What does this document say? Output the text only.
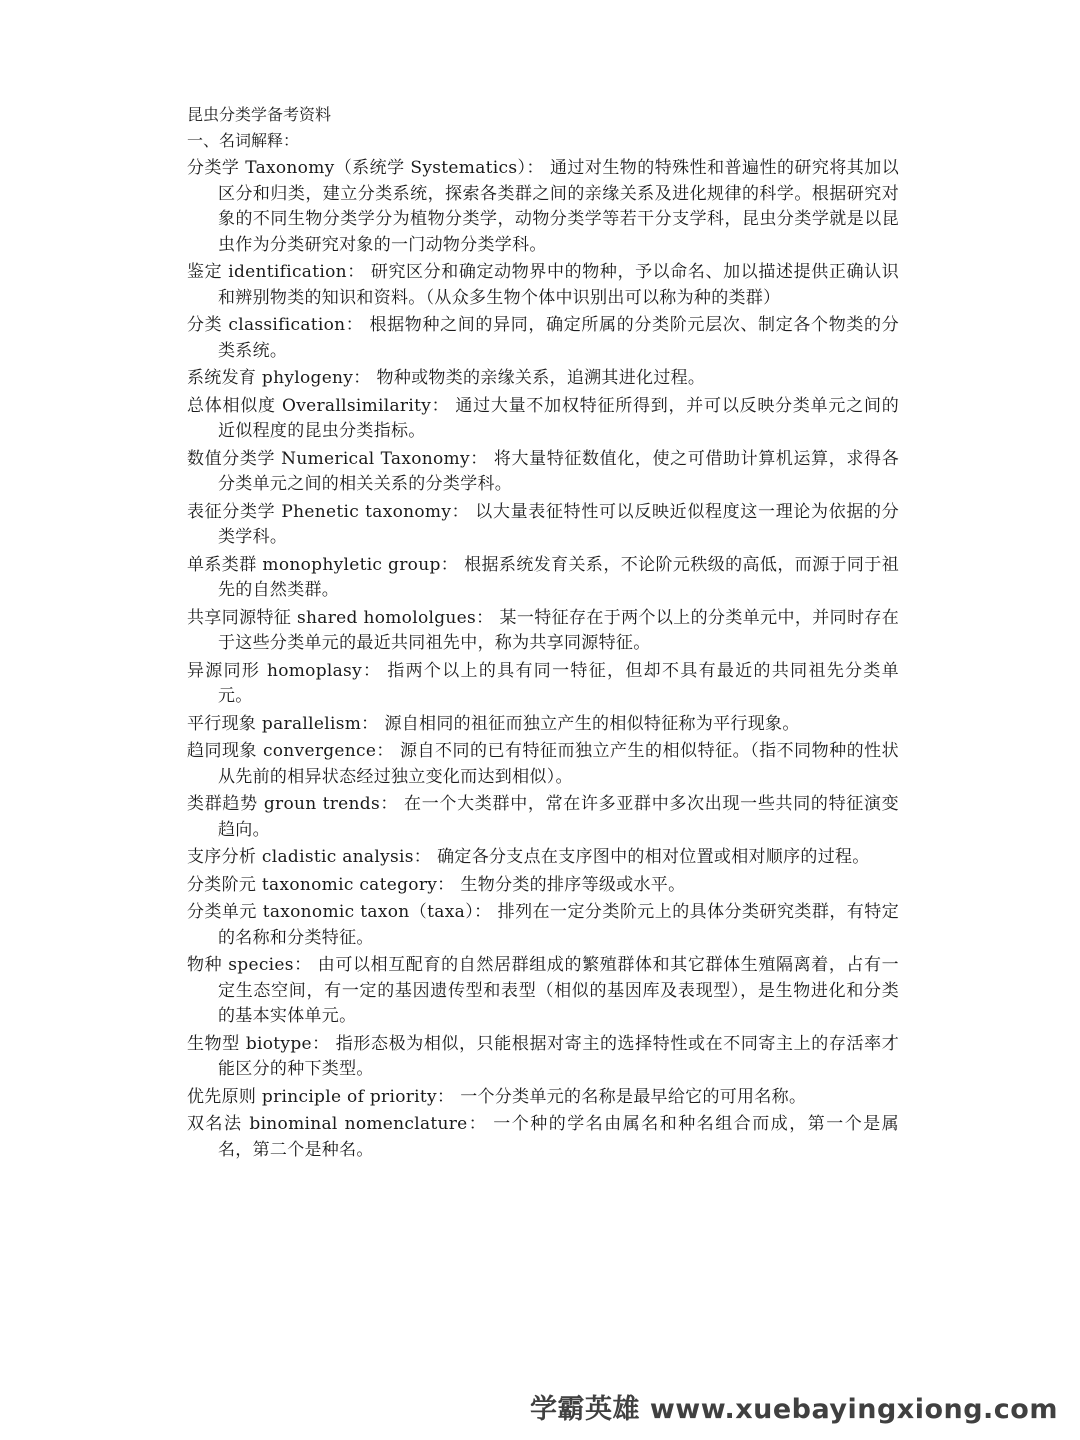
昆虫分类学备考资料
一、名词解释：

分类学 Taxonomy（系统学 Systematics）： 通过对生物的特殊性和普遍性的研究将其加以区分和归类，建立分类系统，探索各类群之间的亲缘关系及进化规律的科学。根据研究对象的不同生物分类学分为植物分类学，动物分类学等若干分支学科，昆虫分类学就是以昆虫作为分类研究对象的一门动物分类学科。

鉴定 identification： 研究区分和确定动物界中的物种，予以命名、加以描述提供正确认识和辨别物类的知识和资料。（从众多生物个体中识别出可以称为种的类群）

分类 classification： 根据物种之间的异同，确定所属的分类阶元层次、制定各个物类的分类系统。

系统发育 phylogeny： 物种或物类的亲缘关系，追溯其进化过程。

总体相似度 Overallsimilarity： 通过大量不加权特征所得到，并可以反映分类单元之间的近似程度的昆虫分类指标。

数值分类学 Numerical Taxonomy： 将大量特征数值化，使之可借助计算机运算，求得各分类单元之间的相关关系的分类学科。

表征分类学 Phenetic taxonomy： 以大量表征特性可以反映近似程度这一理论为依据的分类学科。

单系类群 monophyletic group： 根据系统发育关系，不论阶元秩级的高低，而源于同于祖先的自然类群。

共享同源特征 shared homololgues： 某一特征存在于两个以上的分类单元中，并同时存在于这些分类单元的最近共同祖先中，称为共享同源特征。

异源同形 homoplasy： 指两个以上的具有同一特征，但却不具有最近的共同祖先分类单元。

平行现象 parallelism： 源自相同的祖征而独立产生的相似特征称为平行现象。

趋同现象 convergence： 源自不同的已有特征而独立产生的相似特征。（指不同物种的性状从先前的相异状态经过独立变化而达到相似）。

类群趋势 groun trends： 在一个大类群中，常在许多亚群中多次出现一些共同的特征演变趋向。

支序分析 cladistic analysis： 确定各分支点在支序图中的相对位置或相对顺序的过程。

分类阶元 taxonomic category： 生物分类的排序等级或水平。

分类单元 taxonomic taxon（taxa）： 排列在一定分类阶元上的具体分类研究类群，有特定的名称和分类特征。

物种 species： 由可以相互配育的自然居群组成的繁殖群体和其它群体生殖隔离着，占有一定生态空间，有一定的基因遗传型和表型（相似的基因库及表现型），是生物进化和分类的基本实体单元。

生物型 biotype： 指形态极为相似，只能根据对寄主的选择特性或在不同寄主上的存活率才能区分的种下类型。

优先原则 principle of priority： 一个分类单元的名称是最早给它的可用名称。

双名法 binominal nomenclature： 一个种的学名由属名和种名组合而成，第一个是属名，第二个是种名。

学霸英雄 www.xuebayingxiong.com
